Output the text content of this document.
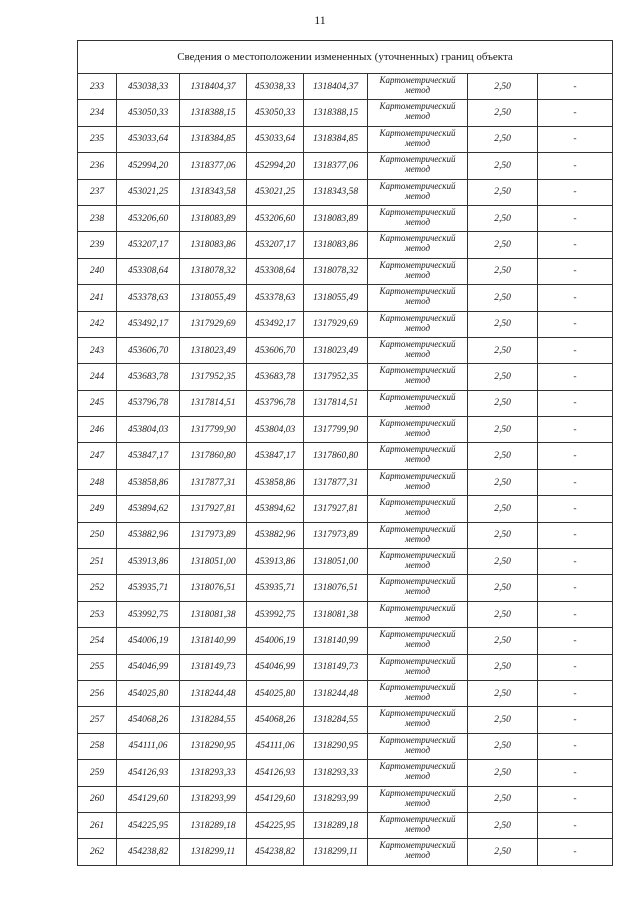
11
Сведения о местоположении измененных (уточненных) границ объекта							
233	453038,33	1318404,37	453038,33	1318404,37	Картометрический
метод	2,50	-
234	453050,33	1318388,15	453050,33	1318388,15	Картометрический
метод	2,50	-
235	453033,64	1318384,85	453033,64	1318384,85	Картометрический
метод	2,50	-
236	452994,20	1318377,06	452994,20	1318377,06	Картометрический
метод	2,50	-
237	453021,25	1318343,58	453021,25	1318343,58	Картометрический
метод	2,50	-
238	453206,60	1318083,89	453206,60	1318083,89	Картометрический
метод	2,50	-
239	453207,17	1318083,86	453207,17	1318083,86	Картометрический
метод	2,50	-
240	453308,64	1318078,32	453308,64	1318078,32	Картометрический
метод	2,50	-
241	453378,63	1318055,49	453378,63	1318055,49	Картометрический
метод	2,50	-
242	453492,17	1317929,69	453492,17	1317929,69	Картометрический
метод	2,50	-
243	453606,70	1318023,49	453606,70	1318023,49	Картометрический
метод	2,50	-
244	453683,78	1317952,35	453683,78	1317952,35	Картометрический
метод	2,50	-
245	453796,78	1317814,51	453796,78	1317814,51	Картометрический
метод	2,50	-
246	453804,03	1317799,90	453804,03	1317799,90	Картометрический
метод	2,50	-
247	453847,17	1317860,80	453847,17	1317860,80	Картометрический
метод	2,50	-
248	453858,86	1317877,31	453858,86	1317877,31	Картометрический
метод	2,50	-
249	453894,62	1317927,81	453894,62	1317927,81	Картометрический
метод	2,50	-
250	453882,96	1317973,89	453882,96	1317973,89	Картометрический
метод	2,50	-
251	453913,86	1318051,00	453913,86	1318051,00	Картометрический
метод	2,50	-
252	453935,71	1318076,51	453935,71	1318076,51	Картометрический
метод	2,50	-
253	453992,75	1318081,38	453992,75	1318081,38	Картометрический
метод	2,50	-
254	454006,19	1318140,99	454006,19	1318140,99	Картометрический
метод	2,50	-
255	454046,99	1318149,73	454046,99	1318149,73	Картометрический
метод	2,50	-
256	454025,80	1318244,48	454025,80	1318244,48	Картометрический
метод	2,50	-
257	454068,26	1318284,55	454068,26	1318284,55	Картометрический
метод	2,50	-
258	454111,06	1318290,95	454111,06	1318290,95	Картометрический
метод	2,50	-
259	454126,93	1318293,33	454126,93	1318293,33	Картометрический
метод	2,50	-
260	454129,60	1318293,99	454129,60	1318293,99	Картометрический
метод	2,50	-
261	454225,95	1318289,18	454225,95	1318289,18	Картометрический
метод	2,50	-
262	454238,82	1318299,11	454238,82	1318299,11	Картометрический
метод	2,50	-
